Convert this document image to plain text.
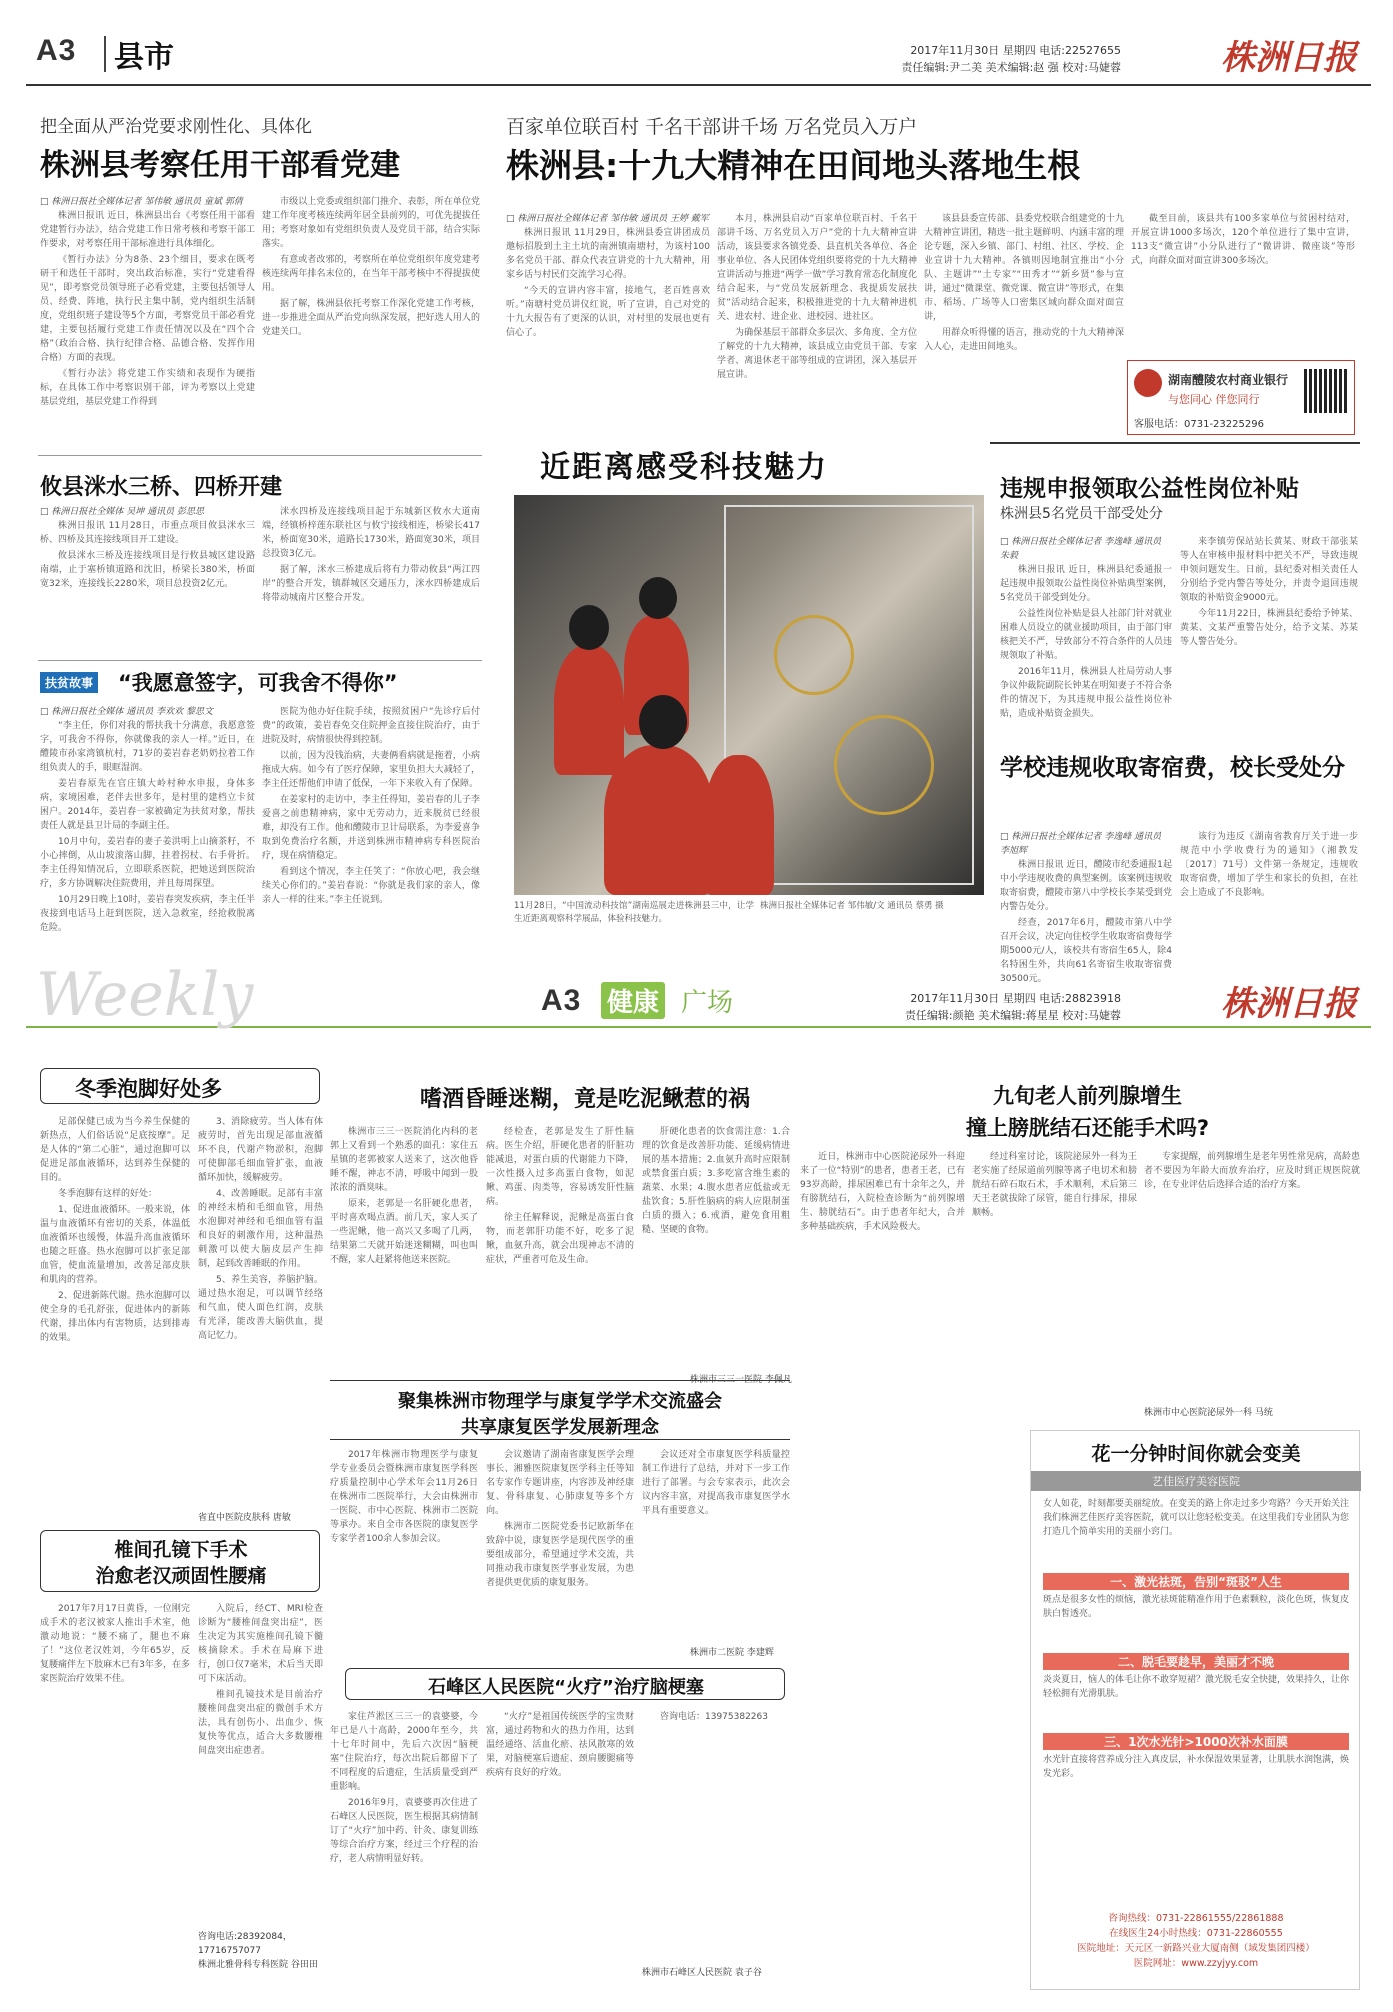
A3 县市	2017年11月30日 星期四 电话:22527655
责任编辑:尹二美 美术编辑:赵 强 校对:马婕蓉	株洲日报
把全面从严治党要求刚性化、具体化
株洲县考察任用干部看党建
□ 株洲日报社全媒体记者 邹伟敏 通讯员 童斌 郭倩

株洲日报讯 近日，株洲县出台《考察任用干部看党建暂行办法》，结合党建工作日常考核和考察干部工作要求，对考察任用干部标准进行具体细化。

《暂行办法》分为8条、23个细目，要求在既考研干和选任干部时，突出政治标准，实行“党建看得见”，即考察党员领导班子必看党建，主要包括领导人员、经费、阵地，执行民主集中制，党内组织生活制度，党组织班子建设等5个方面，考察党员干部必看党建，主要包括履行党建工作责任情况以及在“四个合格”（政治合格、执行纪律合格、品德合格、发挥作用合格）方面的表现。

《暂行办法》将党建工作实绩和表现作为硬指标，在具体工作中考察识别干部，评为考察以上党建基层党组，基层党建工作得到

市级以上党委或组织部门推介、表彰，所在单位党建工作年度考核连续两年居全县前列的，可优先提拔任用；考察对象如有党组织负责人及党员干部，结合实际落实。

有意或者改邪的，考察所在单位党组织年度党建考核连续两年排名末位的，在当年干部考核中不得提拔使用。

据了解，株洲县依托考察工作深化党建工作考核，进一步推进全面从严治党向纵深发展，把好选人用人的党建关口。

百家单位联百村 千名干部讲千场 万名党员入万户
株洲县:十九大精神在田间地头落地生根
□ 株洲日报社全媒体记者 邹伟敏 通讯员 王婷 戴军

株洲日报讯 11月29日，株洲县委宣讲团成员邀标招股到土主土坑的南洲镇南塘村，为该村100多名党员干部、群众代表宣讲党的十九大精神，用家乡话与村民们交流学习心得。

“今天的宣讲内容丰富，接地气，老百姓喜欢听。”南塘村党员讲仪红说，听了宣讲，自己对党的十九大报告有了更深的认识，对村里的发展也更有信心了。

本月，株洲县启动“百家单位联百村、千名干部讲千场、万名党员入万户”党的十九大精神宣讲活动，该县要求各镇党委、县直机关各单位、各企事业单位、各人民团体党组织要将党的十九大精神宣讲活动与推进“两学一做”学习教育常态化制度化结合起来，与“党员发展新理念、我提质发展扶贫”活动结合起来，积极推进党的十九大精神进机关、进农村、进企业、进校园、进社区。

为确保基层干部群众多层次、多角度、全方位了解党的十九大精神，该县成立由党员干部、专家学者、离退休老干部等组成的宣讲团，深入基层开展宣讲。

该县县委宣传部、县委党校联合组建党的十九大精神宣讲团，精选一批主题鲜明、内涵丰富的理论专题，深入乡镇、部门、村组、社区、学校、企业宣讲十九大精神。各镇则因地制宜推出“小分队、主题讲”“土专家”“田秀才”“新乡贤”参与宣讲，通过“微课堂、微党课、微宣讲”等形式，在集市、稻场、广场等人口密集区域向群众面对面宣讲，

用群众听得懂的语言，推动党的十九大精神深入人心，走进田间地头。

截至目前，该县共有100多家单位与贫困村结对，开展宣讲1000多场次，120个单位进行了集中宣讲，113支“微宣讲”小分队进行了“微讲讲、微座谈”等形式，向群众面对面宣讲300多场次。

湖南醴陵农村商业银行
与您同心 伴您同行
客服电话：0731-23225296
近距离感受科技魅力
11月28日，“中国流动科技馆”湖南巡展走进株洲县三中，让学生近距离观察科学展品，体验科技魅力。
株洲日报社全媒体记者 邹伟敏/文 通讯员 蔡勇 摄
攸县洣水三桥、四桥开建
□ 株洲日报社全媒体 吴坤 通讯员 彭思思

株洲日报讯 11月28日，市重点项目攸县洣水三桥、四桥及其连接线项目开工建设。

攸县洣水三桥及连接线项目是行攸县城区建设路南端，止于塞桥镇道路和沈旧，桥梁长380米，桥面宽32米，连接线长2280米，项目总投资2亿元。

洣水四桥及连接线项目起于东城新区攸水大道南端，经镇桥梓莲东联社区与攸宁接线相连，桥梁长417米，桥面宽30米，道路长1730米，路面宽30米，项目总投资3亿元。

据了解，洣水三桥建成后将有力带动攸县“两江四岸”的整合开发，镇群城区交通压力，洣水四桥建成后将带动城南片区整合开发。

扶贫故事 “我愿意签字，可我舍不得你”
□ 株洲日报社全媒体 通讯员 李欢欢 黎思文

“李主任，你们对我的帮扶我十分满意，我愿意签字，可我舍不得你，你就像我的亲人一样。”近日，在醴陵市孙家湾镇杭村，71岁的姜岩春老奶奶拉着工作组负责人的手，眼眶湿润。

姜岩春原先在官庄镇大岭村种水申报，身体多病，家境困难，老伴去世多年，是村里的建档立卡贫困户。2014年，姜岩春一家被确定为扶贫对象，帮扶责任人就是县卫计局的李副主任。

10月中旬，姜岩春的妻子姜洪明上山摘茶籽，不小心摔倒，从山坡滚落山脚，拄着拐杖、右手骨折。李主任得知情况后，立即联系医院，把她送到医院治疗，多方协调解决住院费用，并且每周探望。

10月29日晚上10时，姜岩春突发疾病，李主任半夜接到电话马上赶到医院，送入急救室，经抢救脱离危险。

医院为他办好住院手续，按照贫困户“先诊疗后付费”的政策，姜岩春免交住院押金直接住院治疗，由于进院及时，病情很快得到控制。

以前，因为没钱治病，夫妻俩看病就是拖着，小病拖成大病。如今有了医疗保障，家里负担大大减轻了，李主任还帮他们申请了低保，一年下来收入有了保障。

在姜家村的走访中，李主任得知，姜岩春的儿子李爱喜之前患精神病，家中无劳动力，近来脱贫已经很难，却没有工作。他和醴陵市卫计局联系，为李爱喜争取到免费治疗名额，并送到株洲市精神病专科医院治疗，现在病情稳定。

看到这个情况，李主任笑了：“你放心吧，我会继续关心你们的。”姜岩春说：“你就是我们家的亲人，像亲人一样的往来。”李主任说到。

违规申报领取公益性岗位补贴
株洲县5名党员干部受处分
□ 株洲日报社全媒体记者 李逸峰 通讯员 朱毅

株洲日报讯 近日，株洲县纪委通报一起违规申报领取公益性岗位补贴典型案例，5名党员干部受到处分。

公益性岗位补贴是县人社部门针对就业困难人员设立的就业援助项目，由于部门审核把关不严，导致部分不符合条件的人员违规领取了补贴。

2016年11月，株洲县人社局劳动人事争议仲裁院副院长钟某在明知妻子不符合条件的情况下，为其违规申报公益性岗位补贴，造成补贴资金损失。

来李镇劳保站站长黄某、财政干部张某等人在审核申报材料中把关不严，导致违规申领问题发生。日前，县纪委对相关责任人分别给予党内警告等处分，并责令退回违规领取的补贴资金9000元。

今年11月22日，株洲县纪委给予钟某、黄某、文某严重警告处分，给予文某、苏某等人警告处分。

学校违规收取寄宿费，校长受处分
□ 株洲日报社全媒体记者 李逸峰 通讯员 李旭辉

株洲日报讯 近日，醴陵市纪委通报1起中小学违规收费的典型案例。该案例违规收取寄宿费，醴陵市第八中学校长李某受到党内警告处分。

经查，2017年6月，醴陵市第八中学召开会议，决定向住校学生收取寄宿费每学期5000元/人，该校共有寄宿生65人，除4名特困生外，共向61名寄宿生收取寄宿费30500元。

该行为违反《湖南省教育厅关于进一步规范中小学收费行为的通知》（湘教发〔2017〕71号）文件第一条规定，违规收取寄宿费，增加了学生和家长的负担，在社会上造成了不良影响。

Weekly	A3 健康 广场	2017年11月30日 星期四 电话:28823918
责任编辑:颜艳 美术编辑:蒋星星 校对:马婕蓉	株洲日报
冬季泡脚好处多

足部保健已成为当今养生保健的新热点，人们俗话说“足底按摩”。足是人体的“第二心脏”，通过泡脚可以促进足部血液循环，达到养生保健的目的。

冬季泡脚有这样的好处：

1、促进血液循环。一般来说，体温与血液循环有密切的关系，体温低血液循环也缓慢，体温升高血液循环也随之旺盛。热水泡脚可以扩张足部血管，使血流量增加，改善足部皮肤和肌肉的营养。

2、促进新陈代谢。热水泡脚可以使全身的毛孔舒张，促进体内的新陈代谢，排出体内有害物质，达到排毒的效果。

3、消除疲劳。当人体有体疲劳时，首先出现足部血液循环不良，代谢产物淤积，泡脚可使脚部毛细血管扩张，血液循环加快，缓解疲劳。

4、改善睡眠。足部有丰富的神经末梢和毛细血管，用热水泡脚对神经和毛细血管有温和良好的刺激作用，这种温热刺激可以使大脑皮层产生抑制，起到改善睡眠的作用。

5、养生美容，养脑护脑。通过热水泡足，可以调节经络和气血，使人面色红润，皮肤有光泽，能改善大脑供血，提高记忆力。

省直中医院皮肤科 唐敏
嗜酒昏睡迷糊，竟是吃泥鳅惹的祸

株洲市三三一医院消化内科的老郭上又看到一个熟悉的面孔：家住五星镇的老郭被家人送来了，这次他昏睡不醒，神志不清，呼吸中闻到一股浓浓的酒臭味。

原来，老郭是一名肝硬化患者，平时喜欢喝点酒。前几天，家人买了一些泥鳅，他一高兴又多喝了几两，结果第二天就开始迷迷糊糊，叫也叫不醒，家人赶紧将他送来医院。

经检查，老郭是发生了肝性脑病。医生介绍，肝硬化患者的肝脏功能减退，对蛋白质的代谢能力下降，一次性摄入过多高蛋白食物，如泥鳅、鸡蛋、肉类等，容易诱发肝性脑病。

徐主任解释说，泥鳅是高蛋白食物，而老郭肝功能不好，吃多了泥鳅，血氨升高，就会出现神志不清的症状，严重者可危及生命。

肝硬化患者的饮食需注意：1.合理的饮食是改善肝功能、延缓病情进展的基本措施；2.血氨升高时应限制或禁食蛋白质；3.多吃富含维生素的蔬菜、水果；4.腹水患者应低盐或无盐饮食；5.肝性脑病的病人应限制蛋白质的摄入；6.戒酒，避免食用粗糙、坚硬的食物。

株洲市三三一医院 李佩凡
九旬老人前列腺增生
撞上膀胱结石还能手术吗?

近日，株洲市中心医院泌尿外一科迎来了一位“特别”的患者，患者王老，已有93岁高龄，排尿困难已有十余年之久，并有膀胱结石，入院检查诊断为“前列腺增生、膀胱结石”。由于患者年纪大，合并多种基础疾病，手术风险极大。

经过科室讨论，该院泌尿外一科为王老实施了经尿道前列腺等离子电切术和膀胱结石碎石取石术，手术顺利，术后第三天王老就拔除了尿管，能自行排尿，排尿顺畅。

专家提醒，前列腺增生是老年男性常见病，高龄患者不要因为年龄大而放弃治疗，应及时到正规医院就诊，在专业评估后选择合适的治疗方案。

株洲市中心医院泌尿外一科 马统
聚集株洲市物理学与康复学学术交流盛会
共享康复医学发展新理念

2017年株洲市物理医学与康复学专业委员会暨株洲市康复医学科医疗质量控制中心学术年会11月26日在株洲市二医院举行，大会由株洲市一医院、市中心医院、株洲市二医院等承办。来自全市各医院的康复医学专家学者100余人参加会议。

会议邀请了湖南省康复医学会理事长、湘雅医院康复医学科主任等知名专家作专题讲座，内容涉及神经康复、骨科康复、心肺康复等多个方向。

株洲市二医院党委书记欧新华在致辞中说，康复医学是现代医学的重要组成部分，希望通过学术交流，共同推动我市康复医学事业发展，为患者提供更优质的康复服务。

会议还对全市康复医学科质量控制工作进行了总结，并对下一步工作进行了部署。与会专家表示，此次会议内容丰富，对提高我市康复医学水平具有重要意义。

株洲市二医院 李建辉
椎间孔镜下手术
治愈老汉顽固性腰痛

2017年7月17日黄昏，一位刚完成手术的老汉被家人推出手术室，他激动地说：“腰不痛了，腿也不麻了！”这位老汉姓刘，今年65岁，反复腰痛伴左下肢麻木已有3年多，在多家医院治疗效果不佳。

入院后，经CT、MRI检查诊断为“腰椎间盘突出症”，医生决定为其实施椎间孔镜下髓核摘除术。手术在局麻下进行，创口仅7毫米，术后当天即可下床活动。

椎间孔镜技术是目前治疗腰椎间盘突出症的微创手术方法，具有创伤小、出血少、恢复快等优点，适合大多数腰椎间盘突出症患者。

咨询电话:28392084，17716757077
株洲北雅骨科专科医院 谷田田
石峰区人民医院“火疗”治疗脑梗塞

家住芦淞区三三一的袁婆婆，今年已是八十高龄，2000年至今，共十七年时间中，先后六次因“脑梗塞”住院治疗，每次出院后都留下了不同程度的后遗症，生活质量受到严重影响。

2016年9月，袁婆婆再次住进了石峰区人民医院，医生根据其病情制订了“火疗”加中药、针灸、康复训练等综合治疗方案，经过三个疗程的治疗，老人病情明显好转。

“火疗”是祖国传统医学的宝贵财富，通过药物和火的热力作用，达到温经通络、活血化瘀、祛风散寒的效果，对脑梗塞后遗症、颈肩腰腿痛等疾病有良好的疗效。

咨询电话：13975382263

株洲市石峰区人民医院 袁子谷
花一分钟时间你就会变美
艺佳医疗美容医院
女人如花，时刻都要美丽绽放。在变美的路上你走过多少弯路？今天开始关注我们株洲艺佳医疗美容医院，就可以让您轻松变美。在这里我们专业团队为您打造几个简单实用的美丽小窍门。
一、激光祛斑，告别“斑驳”人生
斑点是很多女性的烦恼，激光祛斑能精准作用于色素颗粒，淡化色斑，恢复皮肤白皙透亮。
二、脱毛要趁早，美丽才不晚
炎炎夏日，恼人的体毛让你不敢穿短裙？激光脱毛安全快捷，效果持久，让你轻松拥有光滑肌肤。
三、1次水光针>1000次补水面膜
水光针直接将营养成分注入真皮层，补水保湿效果显著，让肌肤水润饱满，焕发光彩。
咨询热线：0731-22861555/22861888
在线医生24小时热线：0731-22860555
医院地址：天元区一新路兴业大厦南侧（域发集团四楼）
医院网址：www.zzyjyy.com
